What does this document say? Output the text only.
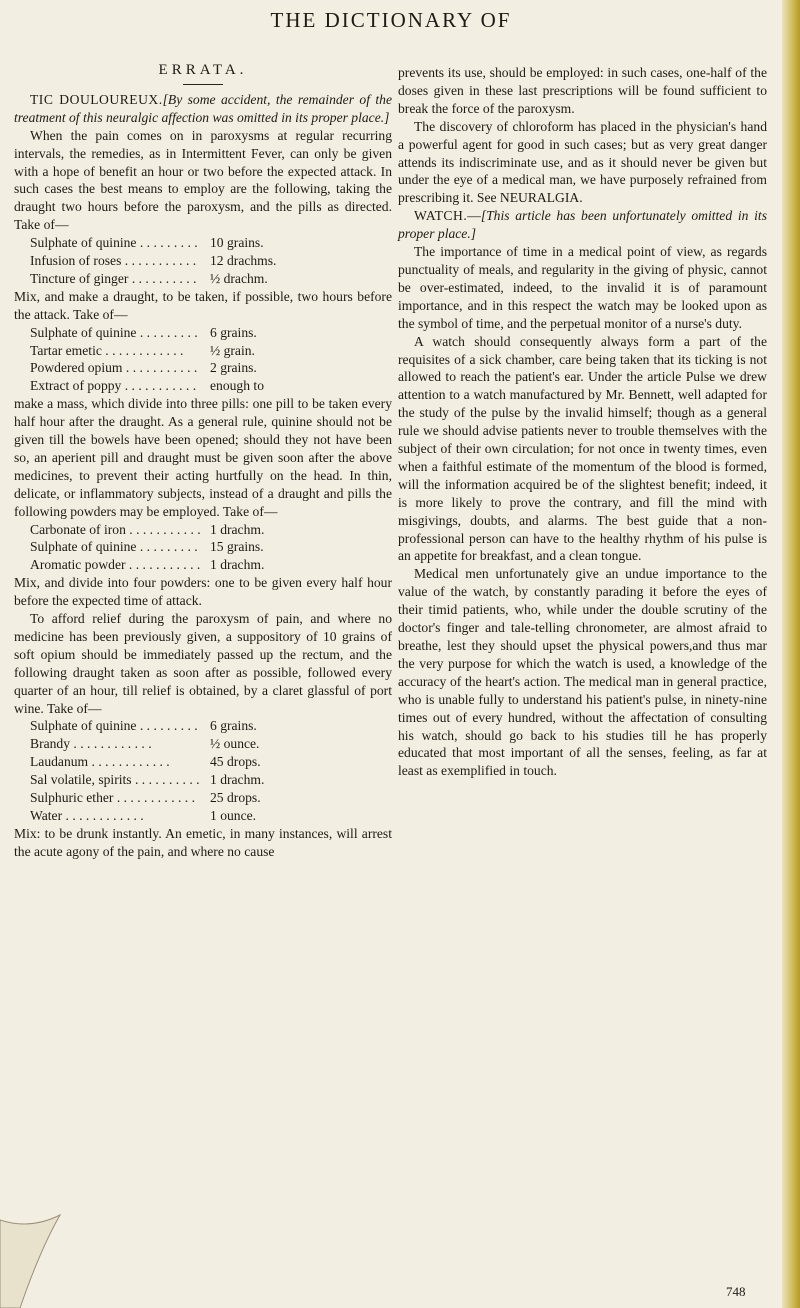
THE DICTIONARY OF
ERRATA.

TIC DOULOUREUX.[By some accident, the remainder of the treatment of this neuralgic affection was omitted in its proper place.]

When the pain comes on in paroxysms at regular recurring intervals, the remedies, as in Intermittent Fever, can only be given with a hope of benefit an hour or two before the expected attack. In such cases the best means to employ are the following, taking the draught two hours before the paroxysm, and the pills as directed. Take of—

Sulphate of quinine . . .	10 grains.
Infusion of roses . . .	12 drachms.
Tincture of ginger . . .	½ drachm.

Mix, and make a draught, to be taken, if possible, two hours before the attack. Take of—

Sulphate of quinine . . .	6 grains.
Tartar emetic . . .	½ grain.
Powdered opium . . .	2 grains.
Extract of poppy . . .	enough to

make a mass, which divide into three pills: one pill to be taken every half hour after the draught. As a general rule, quinine should not be given till the bowels have been opened; should they not have been so, an aperient pill and draught must be given soon after the above medicines, to prevent their acting hurtfully on the head. In thin, delicate, or inflammatory subjects, instead of a draught and pills the following powders may be employed. Take of—

Carbonate of iron . . .	1 drachm.
Sulphate of quinine . . .	15 grains.
Aromatic powder . . .	1 drachm.

Mix, and divide into four powders: one to be given every half hour before the expected time of attack.

To afford relief during the paroxysm of pain, and where no medicine has been previously given, a suppository of 10 grains of soft opium should be immediately passed up the rectum, and the following draught taken as soon after as possible, followed every quarter of an hour, till relief is obtained, by a claret glassful of port wine. Take of—

Sulphate of quinine . . .	6 grains.
Brandy . . .	½ ounce.
Laudanum . . .	45 drops.
Sal volatile, spirits . . .	1 drachm.
Sulphuric ether . . .	25 drops.
Water . . .	1 ounce.

Mix: to be drunk instantly. An emetic, in many instances, will arrest the acute agony of the pain, and where no cause

prevents its use, should be employed: in such cases, one-half of the doses given in these last prescriptions will be found sufficient to break the force of the paroxysm.

The discovery of chloroform has placed in the physician's hand a powerful agent for good in such cases; but as very great danger attends its indiscriminate use, and as it should never be given but under the eye of a medical man, we have purposely refrained from prescribing it. See NEURALGIA.

WATCH.—[This article has been unfortunately omitted in its proper place.]

The importance of time in a medical point of view, as regards punctuality of meals, and regularity in the giving of physic, cannot be over-estimated, indeed, to the invalid it is of paramount importance, and in this respect the watch may be looked upon as the symbol of time, and the perpetual monitor of a nurse's duty.

A watch should consequently always form a part of the requisites of a sick chamber, care being taken that its ticking is not allowed to reach the patient's ear. Under the article Pulse we drew attention to a watch manufactured by Mr. Bennett, well adapted for the study of the pulse by the invalid himself; though as a general rule we should advise patients never to trouble themselves with the subject of their own circulation; for not once in twenty times, even when a faithful estimate of the momentum of the blood is formed, will the information acquired be of the slightest benefit; indeed, it is more likely to prove the contrary, and fill the mind with misgivings, doubts, and alarms. The best guide that a non-professional person can have to the healthy rhythm of his pulse is an appetite for breakfast, and a clean tongue.

Medical men unfortunately give an undue importance to the value of the watch, by constantly parading it before the eyes of their timid patients, who, while under the double scrutiny of the doctor's finger and tale-telling chronometer, are almost afraid to breathe, lest they should upset the physical powers,and thus mar the very purpose for which the watch is used, a knowledge of the accuracy of the heart's action. The medical man in general practice, who is unable fully to understand his patient's pulse, in ninety-nine times out of every hundred, without the affectation of consulting his watch, should go back to his studies till he has properly educated that most important of all the senses, feeling, as far at least as exemplified in touch.

748
